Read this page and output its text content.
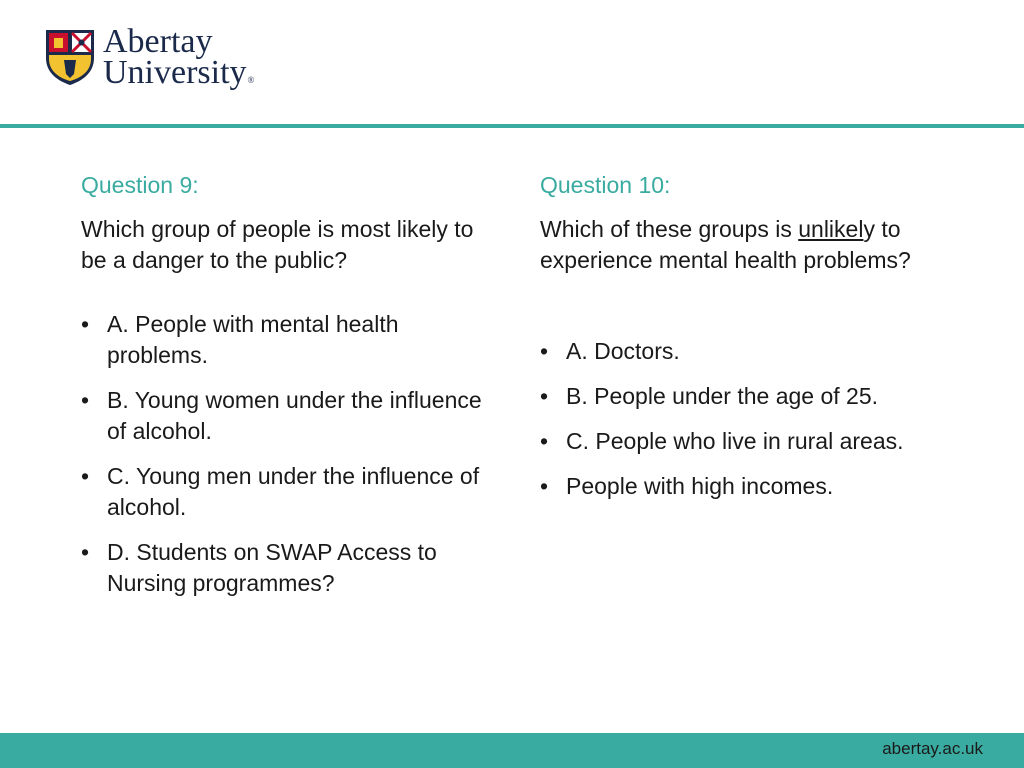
Abertay
University®

Question 9:

Which group of people is most likely to be a danger to the public?

• A. People with mental health problems.
• B. Young women under the influence of alcohol.
• C. Young men under the influence of alcohol.
• D. Students on SWAP Access to Nursing programmes?

Question 10:

Which of these groups is unlikely to experience mental health problems?

• A. Doctors.
• B. People under the age of 25.
• C. People who live in rural areas.
• People with high incomes.
abertay.ac.uk
